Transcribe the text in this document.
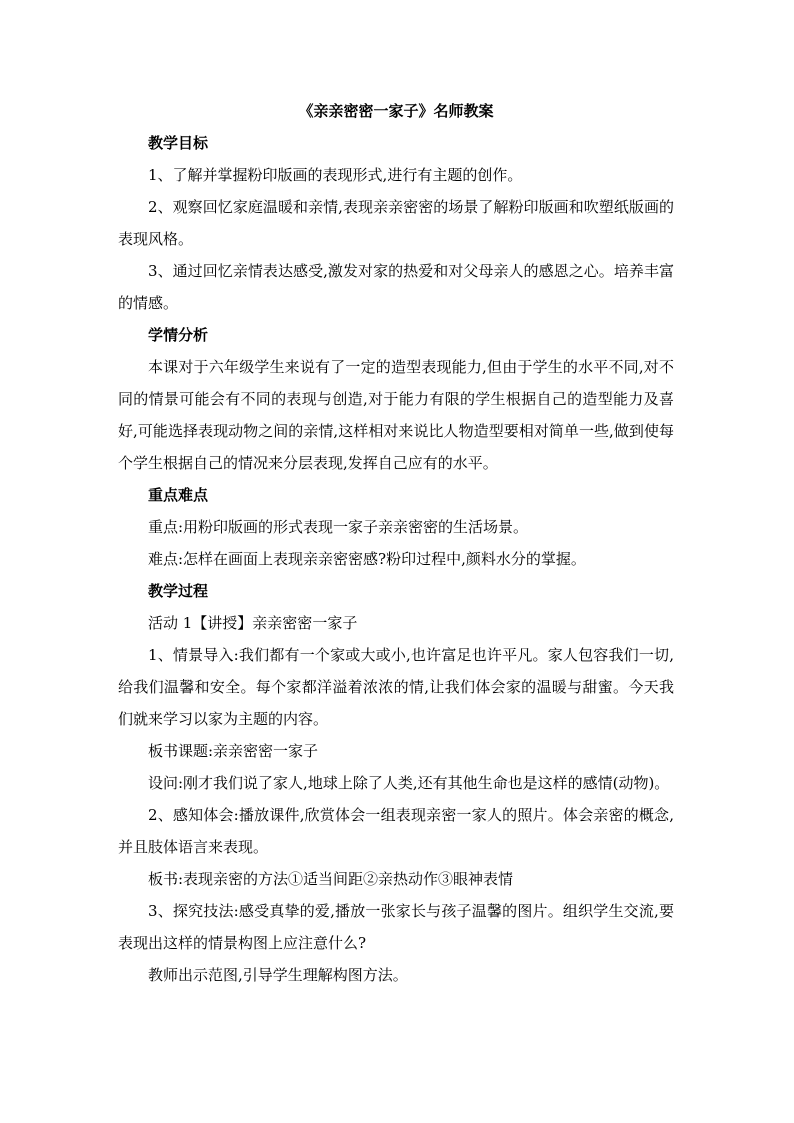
《亲亲密密一家子》名师教案

教学目标

1、了解并掌握粉印版画的表现形式,进行有主题的创作。

2、观察回忆家庭温暖和亲情,表现亲亲密密的场景了解粉印版画和吹塑纸版画的表现风格。

3、通过回忆亲情表达感受,激发对家的热爱和对父母亲人的感恩之心。培养丰富的情感。

学情分析

本课对于六年级学生来说有了一定的造型表现能力,但由于学生的水平不同,对不同的情景可能会有不同的表现与创造,对于能力有限的学生根据自己的造型能力及喜好,可能选择表现动物之间的亲情,这样相对来说比人物造型要相对简单一些,做到使每个学生根据自己的情况来分层表现,发挥自己应有的水平。

重点难点

重点:用粉印版画的形式表现一家子亲亲密密的生活场景。

难点:怎样在画面上表现亲亲密密感?粉印过程中,颜料水分的掌握。

教学过程

活动 1【讲授】亲亲密密一家子

1、情景导入:我们都有一个家或大或小,也许富足也许平凡。家人包容我们一切,给我们温馨和安全。每个家都洋溢着浓浓的情,让我们体会家的温暖与甜蜜。今天我们就来学习以家为主题的内容。

板书课题:亲亲密密一家子

设问:刚才我们说了家人,地球上除了人类,还有其他生命也是这样的感情(动物)。

2、感知体会:播放课件,欣赏体会一组表现亲密一家人的照片。体会亲密的概念,并且肢体语言来表现。

板书:表现亲密的方法①适当间距②亲热动作③眼神表情

3、探究技法:感受真挚的爱,播放一张家长与孩子温馨的图片。组织学生交流,要表现出这样的情景构图上应注意什么?

教师出示范图,引导学生理解构图方法。
